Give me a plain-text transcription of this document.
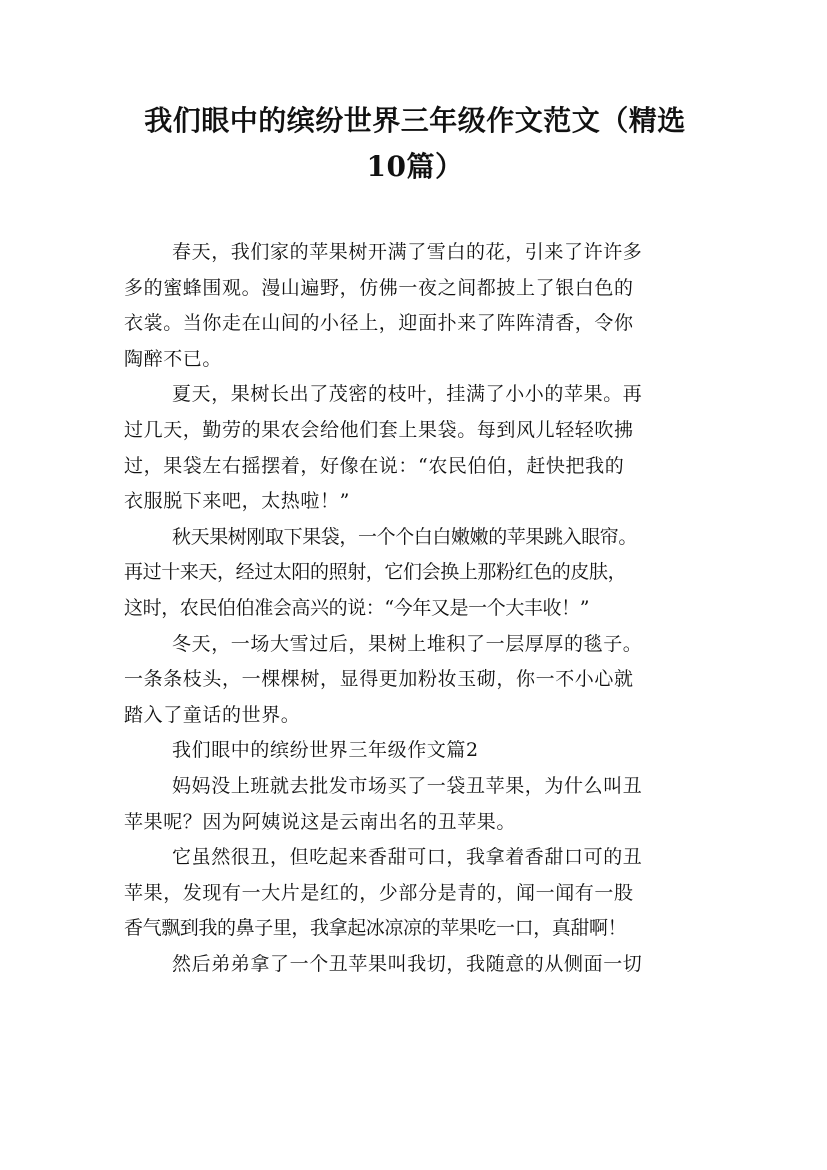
我们眼中的缤纷世界三年级作文范文（精选
10篇）
春天，我们家的苹果树开满了雪白的花，引来了许许多
多的蜜蜂围观。漫山遍野，仿佛一夜之间都披上了银白色的
衣裳。当你走在山间的小径上，迎面扑来了阵阵清香，令你
陶醉不已。
夏天，果树长出了茂密的枝叶，挂满了小小的苹果。再
过几天，勤劳的果农会给他们套上果袋。每到风儿轻轻吹拂
过，果袋左右摇摆着，好像在说：“农民伯伯，赶快把我的
衣服脱下来吧，太热啦！”
秋天果树刚取下果袋，一个个白白嫩嫩的苹果跳入眼帘。
再过十来天，经过太阳的照射，它们会换上那粉红色的皮肤，
这时，农民伯伯准会高兴的说：“今年又是一个大丰收！”
冬天，一场大雪过后，果树上堆积了一层厚厚的毯子。
一条条枝头，一棵棵树，显得更加粉妆玉砌，你一不小心就
踏入了童话的世界。
我们眼中的缤纷世界三年级作文篇2
妈妈没上班就去批发市场买了一袋丑苹果，为什么叫丑
苹果呢？因为阿姨说这是云南出名的丑苹果。
它虽然很丑，但吃起来香甜可口，我拿着香甜口可的丑
苹果，发现有一大片是红的，少部分是青的，闻一闻有一股
香气飘到我的鼻子里，我拿起冰凉凉的苹果吃一口，真甜啊！
然后弟弟拿了一个丑苹果叫我切，我随意的从侧面一切
